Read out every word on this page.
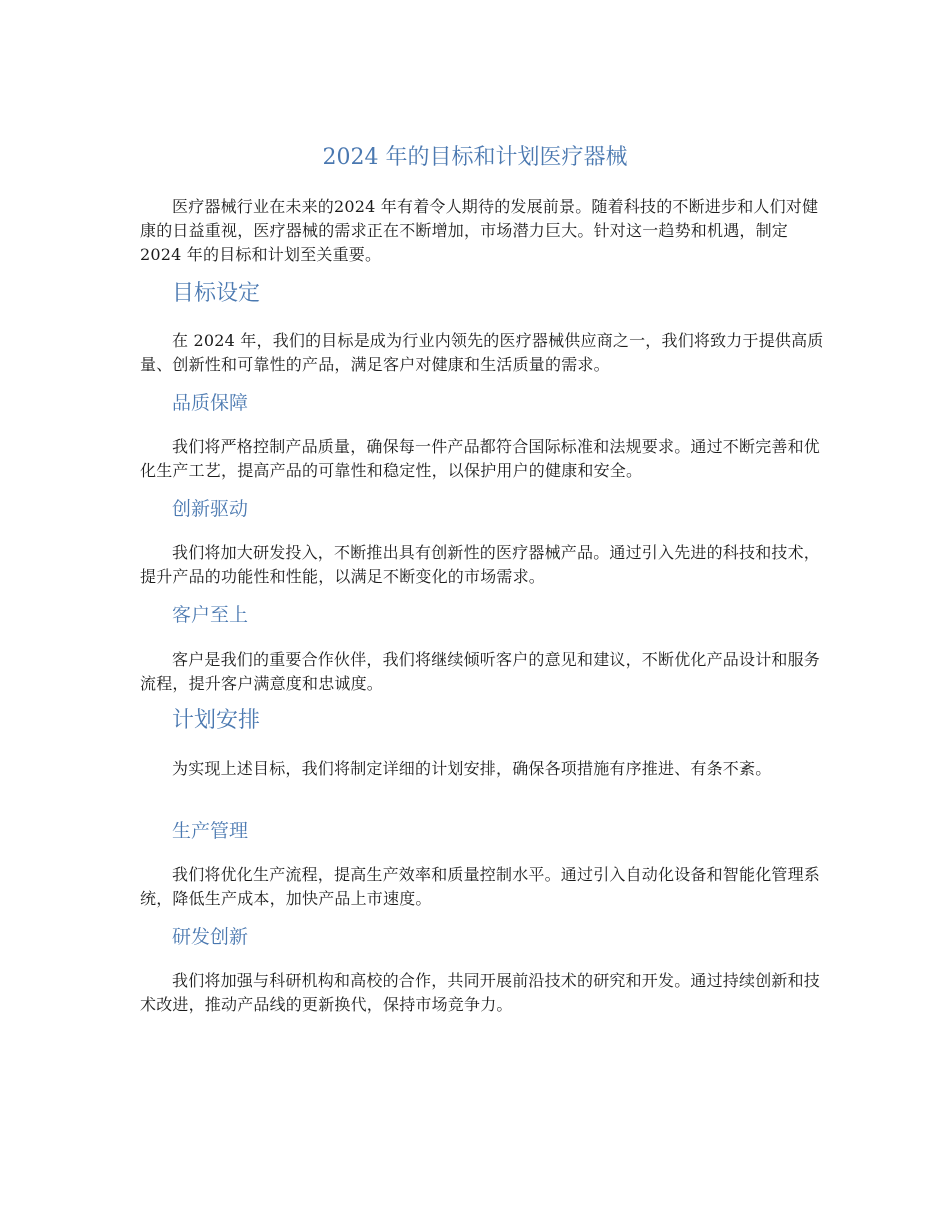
2024 年的目标和计划医疗器械

医疗器械行业在未来的2024 年有着令人期待的发展前景。随着科技的不断进步和人们对健康的日益重视，医疗器械的需求正在不断增加，市场潜力巨大。针对这一趋势和机遇，制定 2024 年的目标和计划至关重要。

目标设定

在 2024 年，我们的目标是成为行业内领先的医疗器械供应商之一，我们将致力于提供高质量、创新性和可靠性的产品，满足客户对健康和生活质量的需求。

品质保障

我们将严格控制产品质量，确保每一件产品都符合国际标准和法规要求。通过不断完善和优化生产工艺，提高产品的可靠性和稳定性，以保护用户的健康和安全。

创新驱动

我们将加大研发投入，不断推出具有创新性的医疗器械产品。通过引入先进的科技和技术，提升产品的功能性和性能，以满足不断变化的市场需求。

客户至上

客户是我们的重要合作伙伴，我们将继续倾听客户的意见和建议，不断优化产品设计和服务流程，提升客户满意度和忠诚度。

计划安排

为实现上述目标，我们将制定详细的计划安排，确保各项措施有序推进、有条不紊。

生产管理

我们将优化生产流程，提高生产效率和质量控制水平。通过引入自动化设备和智能化管理系统，降低生产成本，加快产品上市速度。

研发创新

我们将加强与科研机构和高校的合作，共同开展前沿技术的研究和开发。通过持续创新和技术改进，推动产品线的更新换代，保持市场竞争力。
